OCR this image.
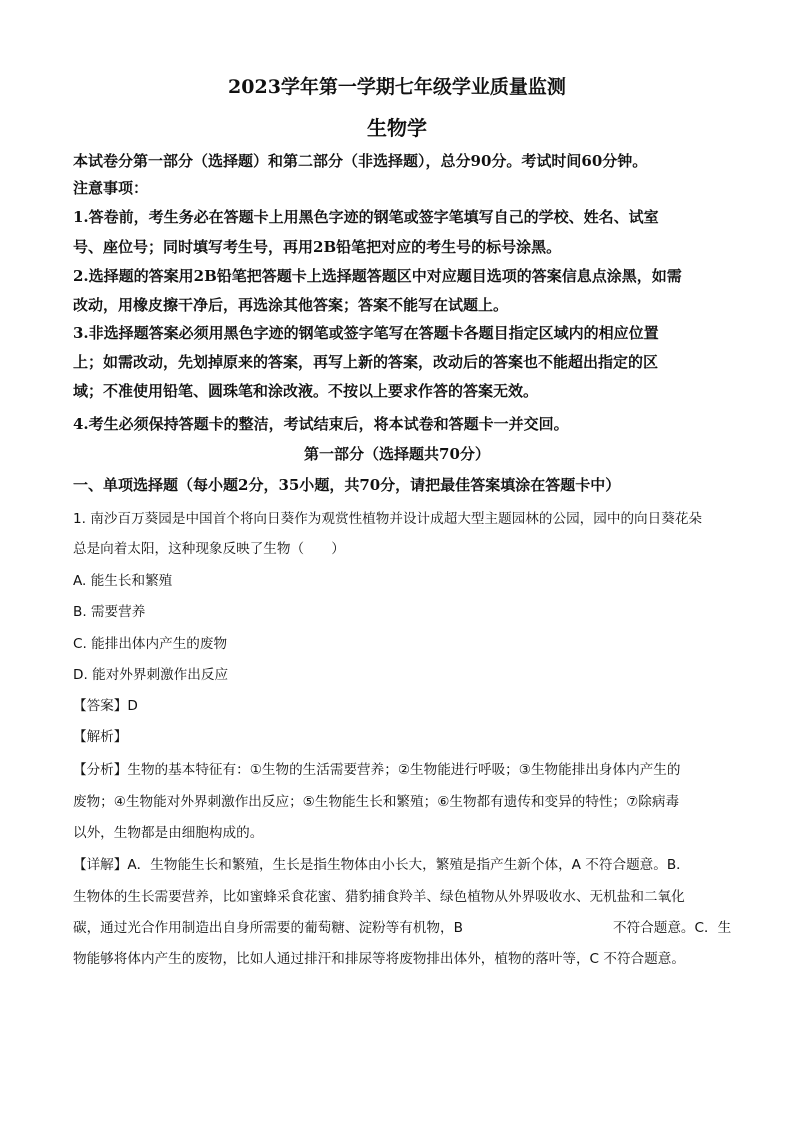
2023学年第一学期七年级学业质量监测
生物学
本试卷分第一部分（选择题）和第二部分（非选择题），总分90分。考试时间60分钟。
注意事项：
1.答卷前，考生务必在答题卡上用黑色字迹的钢笔或签字笔填写自己的学校、姓名、试室
号、座位号；同时填写考生号，再用2B铅笔把对应的考生号的标号涂黑。
2.选择题的答案用2B铅笔把答题卡上选择题答题区中对应题目选项的答案信息点涂黑，如需
改动，用橡皮擦干净后，再选涂其他答案；答案不能写在试题上。
3.非选择题答案必须用黑色字迹的钢笔或签字笔写在答题卡各题目指定区域内的相应位置
上；如需改动，先划掉原来的答案，再写上新的答案，改动后的答案也不能超出指定的区
域；不准使用铅笔、圆珠笔和涂改液。不按以上要求作答的答案无效。
4.考生必须保持答题卡的整洁，考试结束后，将本试卷和答题卡一并交回。
第一部分（选择题共70分）
一、单项选择题（每小题2分，35小题，共70分，请把最佳答案填涂在答题卡中）
1. 南沙百万葵园是中国首个将向日葵作为观赏性植物并设计成超大型主题园林的公园，园中的向日葵花朵
总是向着太阳，这种现象反映了生物（　　）
A. 能生长和繁殖
B. 需要营养
C. 能排出体内产生的废物
D. 能对外界刺激作出反应
【答案】D
【解析】
【分析】生物的基本特征有：①生物的生活需要营养；②生物能进行呼吸；③生物能排出身体内产生的
废物；④生物能对外界刺激作出反应；⑤生物能生长和繁殖；⑥生物都有遗传和变异的特性；⑦除病毒
以外，生物都是由细胞构成的。
【详解】A．生物能生长和繁殖，生长是指生物体由小长大，繁殖是指产生新个体，A 不符合题意。B．
生物体的生长需要营养，比如蜜蜂采食花蜜、猎豹捕食羚羊、绿色植物从外界吸收水、无机盐和二氧化
碳，通过光合作用制造出自身所需要的葡萄糖、淀粉等有机物，B	不符合题意。C．生
物能够将体内产生的废物，比如人通过排汗和排尿等将废物排出体外，植物的落叶等，C 不符合题意。
